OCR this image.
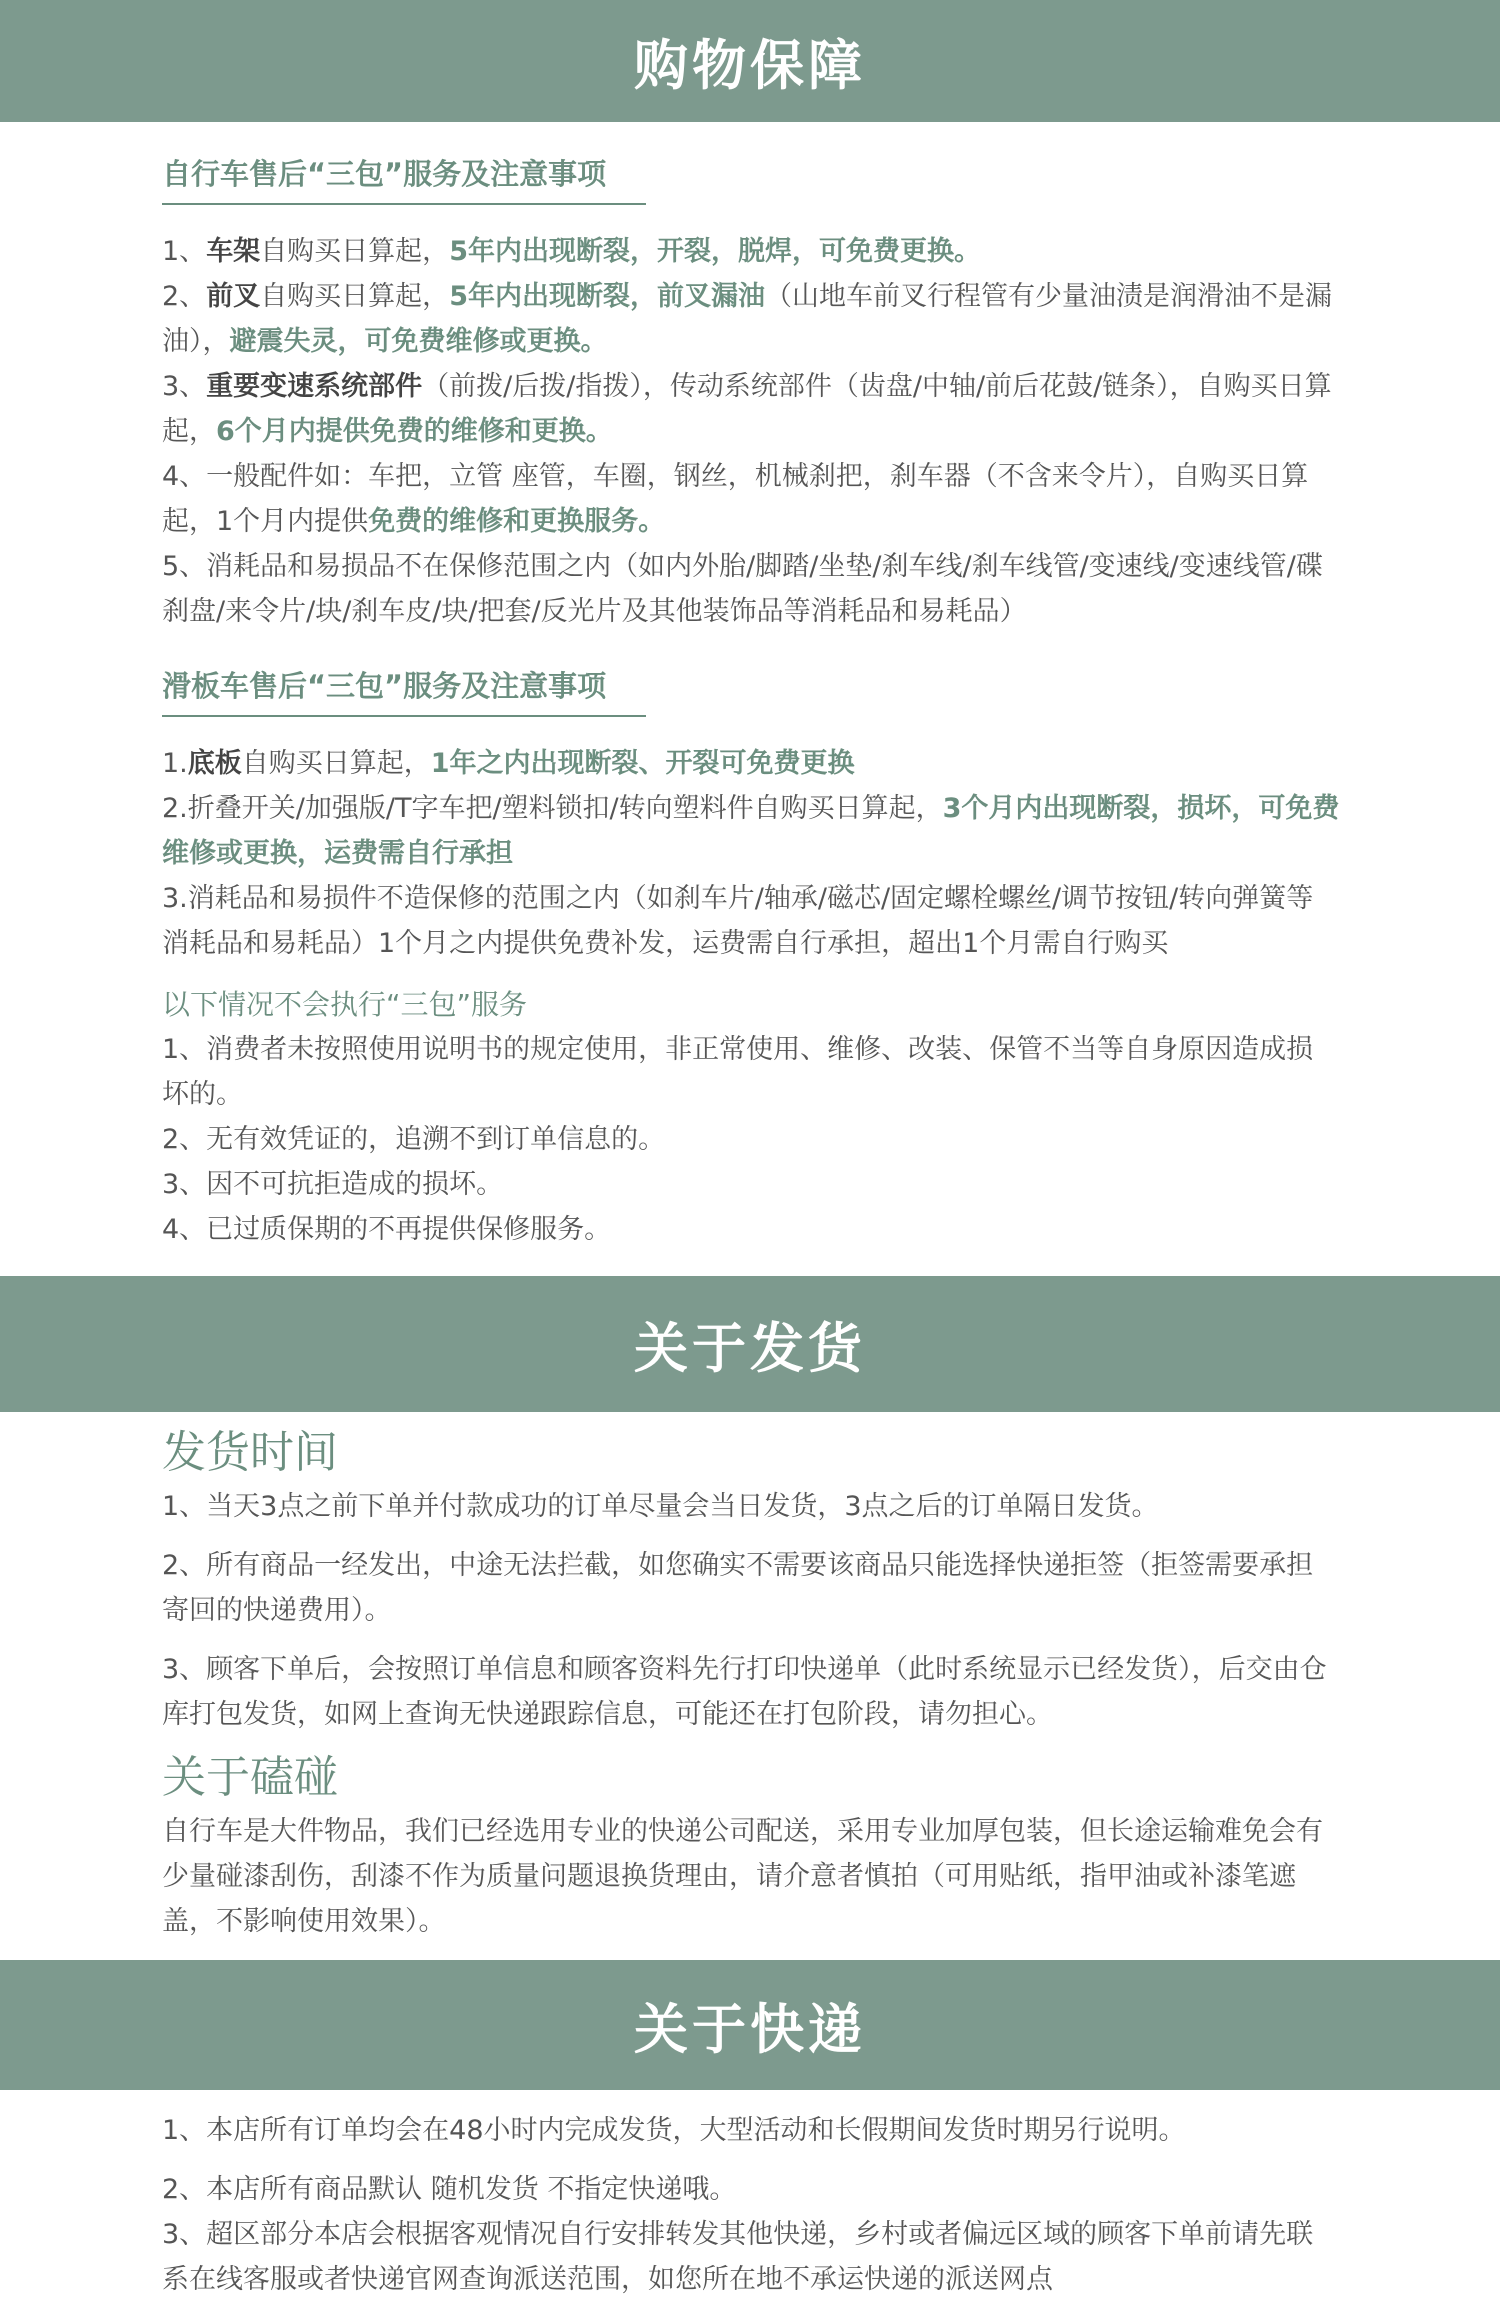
购物保障
自行车售后“三包”服务及注意事项

1、车架自购买日算起，5年内出现断裂，开裂，脱焊，可免费更换。

2、前叉自购买日算起，5年内出现断裂，前叉漏油（山地车前叉行程管有少量油渍是润滑油不是漏油），避震失灵，可免费维修或更换。

3、重要变速系统部件（前拨/后拨/指拨），传动系统部件（齿盘/中轴/前后花鼓/链条），自购买日算起，6个月内提供免费的维修和更换。

4、一般配件如：车把，立管 座管，车圈，钢丝，机械刹把，刹车器（不含来令片），自购买日算起，1个月内提供免费的维修和更换服务。

5、消耗品和易损品不在保修范围之内（如内外胎/脚踏/坐垫/刹车线/刹车线管/变速线/变速线管/碟刹盘/来令片/块/刹车皮/块/把套/反光片及其他装饰品等消耗品和易耗品）

滑板车售后“三包”服务及注意事项

1.底板自购买日算起，1年之内出现断裂、开裂可免费更换

2.折叠开关/加强版/T字车把/塑料锁扣/转向塑料件自购买日算起，3个月内出现断裂，损坏，可免费维修或更换，运费需自行承担

3.消耗品和易损件不造保修的范围之内（如刹车片/轴承/磁芯/固定螺栓螺丝/调节按钮/转向弹簧等消耗品和易耗品）1个月之内提供免费补发，运费需自行承担，超出1个月需自行购买

以下情况不会执行“三包”服务

1、消费者未按照使用说明书的规定使用，非正常使用、维修、改装、保管不当等自身原因造成损坏的。

2、无有效凭证的，追溯不到订单信息的。

3、因不可抗拒造成的损坏。

4、已过质保期的不再提供保修服务。

关于发货
发货时间

1、当天3点之前下单并付款成功的订单尽量会当日发货，3点之后的订单隔日发货。

2、所有商品一经发出，中途无法拦截，如您确实不需要该商品只能选择快递拒签（拒签需要承担寄回的快递费用）。

3、顾客下单后，会按照订单信息和顾客资料先行打印快递单（此时系统显示已经发货），后交由仓库打包发货，如网上查询无快递跟踪信息，可能还在打包阶段，请勿担心。

关于磕碰

自行车是大件物品，我们已经选用专业的快递公司配送，采用专业加厚包装，但长途运输难免会有少量碰漆刮伤，刮漆不作为质量问题退换货理由，请介意者慎拍（可用贴纸，指甲油或补漆笔遮盖，不影响使用效果）。

关于快递

1、本店所有订单均会在48小时内完成发货，大型活动和长假期间发货时期另行说明。

2、本店所有商品默认 随机发货 不指定快递哦。

3、超区部分本店会根据客观情况自行安排转发其他快递，乡村或者偏远区域的顾客下单前请先联系在线客服或者快递官网查询派送范围，如您所在地不承运快递的派送网点
